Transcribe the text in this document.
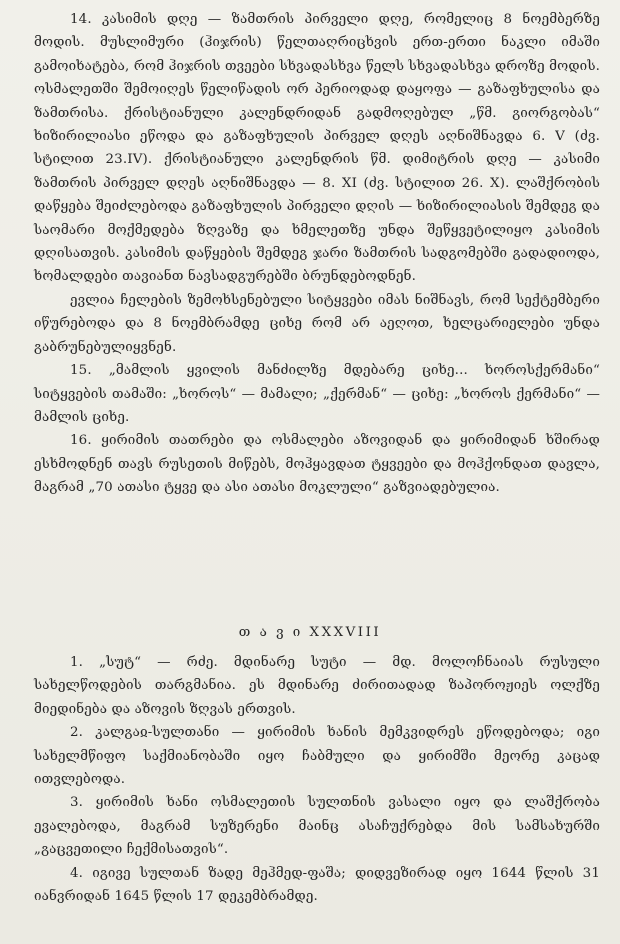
14. კასიმის დღე — ზამთრის პირველი დღე, რომელიც 8 ნოემბერზე მოდის. მუსლიმური (ჰიჯრის) წელთაღრიცხვის ერთ-ერთი ნაკლი იმაში გამოიხატება, რომ ჰიჯრის თვეები სხვადასხვა წელს სხვადასხვა დროზე მოდის. ოსმალეთში შემოიღეს წელიწადის ორ პერიოდად დაყოფა — გაზაფხულისა და ზამთრისა. ქრისტიანული კალენდრიდან გადმოღებულ „წმ. გიორგობას“ ხიზირილიასი ეწოდა და გაზაფხულის პირველ დღეს აღნიშნავდა 6. V (ძვ. სტილით 23.IV). ქრისტიანული კალენდრის წმ. დიმიტრის დღე — კასიმი ზამთრის პირველ დღეს აღნიშნავდა — 8. XI (ძვ. სტილით 26. X). ლაშქრობის დაწყება შეიძლებოდა გაზაფხულის პირველი დღის — ხიზირილიასის შემდეგ და საომარი მოქმედება ზღვაზე და ხმელეთზე უნდა შეწყვეტილიყო კასიმის დღისათვის. კასიმის დაწყების შემდეგ ჯარი ზამთრის სადგომებში გადადიოდა, ხომალდები თავიანთ ნავსადგურებში ბრუნდებოდნენ.

ევლია ჩელების ზემოხსენებული სიტყვები იმას ნიშნავს, რომ სექტემბერი იწურებოდა და 8 ნოემბრამდე ციხე რომ არ აეღოთ, ხელცარიელები უნდა გაბრუნებულიყვნენ.

15. „მამლის ყვილის მანძილზე მდებარე ციხე... ხოროსქერმანი“ სიტყვების თამაში: „ხოროს“ — მამალი; „ქერმან“ — ციხე: „ხოროს ქერმანი“ — მამლის ციხე.

16. ყირიმის თათრები და ოსმალები აზოვიდან და ყირიმიდან ხშირად ესხმოდნენ თავს რუსეთის მიწებს, მოჰყავდათ ტყვეები და მოჰქონდათ დავლა, მაგრამ „70 ათასი ტყვე და ასი ათასი მოკლული“ გაზვიადებულია.

თ ა ვ ი XXXVIII

1. „სუტ“ — რძე. მდინარე სუტი — მდ. მოლოჩნაიას რუსული სახელწოდების თარგმანია. ეს მდინარე ძირითადად ზაპოროჟიეს ოლქზე მიედინება და აზოვის ზღვას ერთვის.

2. კალგაჲ-სულთანი — ყირიმის ხანის მემკვიდრეს ეწოდებოდა; იგი სახელმწიფო საქმიანობაში იყო ჩაბმული და ყირიმში მეორე კაცად ითვლებოდა.

3. ყირიმის ხანი ოსმალეთის სულთნის ვასალი იყო და ლაშქრობა ევალებოდა, მაგრამ სუზერენი მაინც ასაჩუქრებდა მის სამსახურში „გაცვეთილი ჩექმისათვის“.

4. იგივე სულთან ზადე მეჰმედ-ფაშა; დიდვეზირად იყო 1644 წლის 31 იანვრიდან 1645 წლის 17 დეკემბრამდე.
